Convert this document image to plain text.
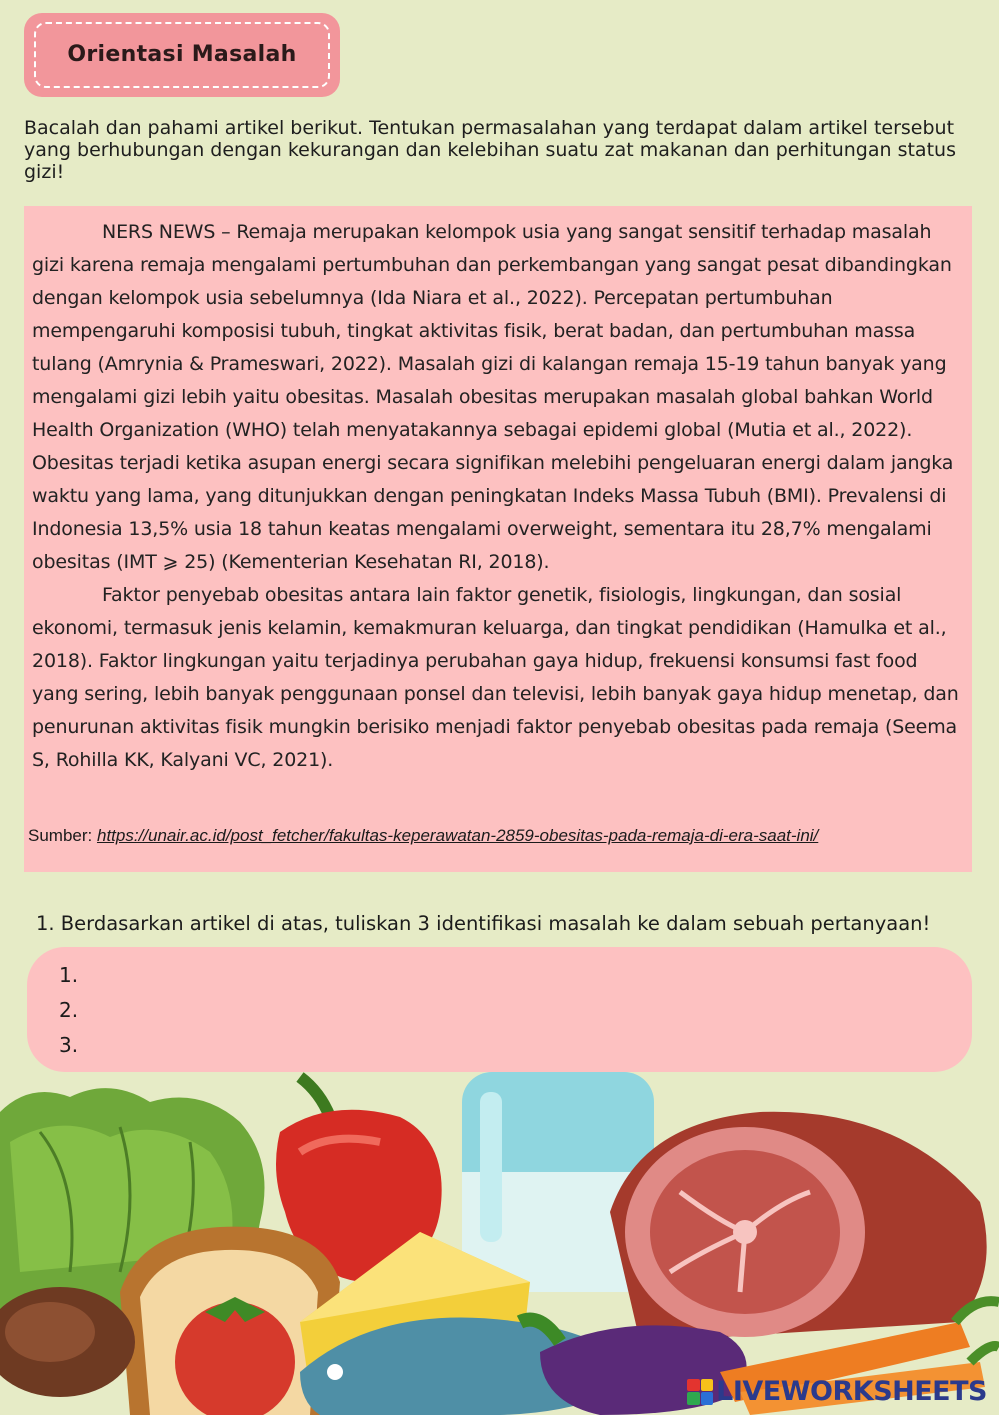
Orientasi Masalah
Bacalah dan pahami artikel berikut. Tentukan permasalahan yang terdapat dalam artikel tersebut yang berhubungan dengan kekurangan dan kelebihan suatu zat makanan dan perhitungan status gizi!

NERS NEWS – Remaja merupakan kelompok usia yang sangat sensitif terhadap masalah gizi karena remaja mengalami pertumbuhan dan perkembangan yang sangat pesat dibandingkan dengan kelompok usia sebelumnya (Ida Niara et al., 2022). Percepatan pertumbuhan mempengaruhi komposisi tubuh, tingkat aktivitas fisik, berat badan, dan pertumbuhan massa tulang (Amrynia & Prameswari, 2022). Masalah gizi di kalangan remaja 15-19 tahun banyak yang mengalami gizi lebih yaitu obesitas. Masalah obesitas merupakan masalah global bahkan World Health Organization (WHO) telah menyatakannya sebagai epidemi global (Mutia et al., 2022). Obesitas terjadi ketika asupan energi secara signifikan melebihi pengeluaran energi dalam jangka waktu yang lama, yang ditunjukkan dengan peningkatan Indeks Massa Tubuh (BMI). Prevalensi di Indonesia 13,5% usia 18 tahun keatas mengalami overweight, sementara itu 28,7% mengalami obesitas (IMT ⩾ 25) (Kementerian Kesehatan RI, 2018).

Faktor penyebab obesitas antara lain faktor genetik, fisiologis, lingkungan, dan sosial ekonomi, termasuk jenis kelamin, kemakmuran keluarga, dan tingkat pendidikan (Hamulka et al., 2018). Faktor lingkungan yaitu terjadinya perubahan gaya hidup, frekuensi konsumsi fast food yang sering, lebih banyak penggunaan ponsel dan televisi, lebih banyak gaya hidup menetap, dan penurunan aktivitas fisik mungkin berisiko menjadi faktor penyebab obesitas pada remaja (Seema S, Rohilla KK, Kalyani VC, 2021).

Sumber: https://unair.ac.id/post_fetcher/fakultas-keperawatan-2859-obesitas-pada-remaja-di-era-saat-ini/
1. Berdasarkan artikel di atas, tuliskan 3 identifikasi masalah ke dalam sebuah pertanyaan!
1.
2.
3.
LIVEWORKSHEETS
